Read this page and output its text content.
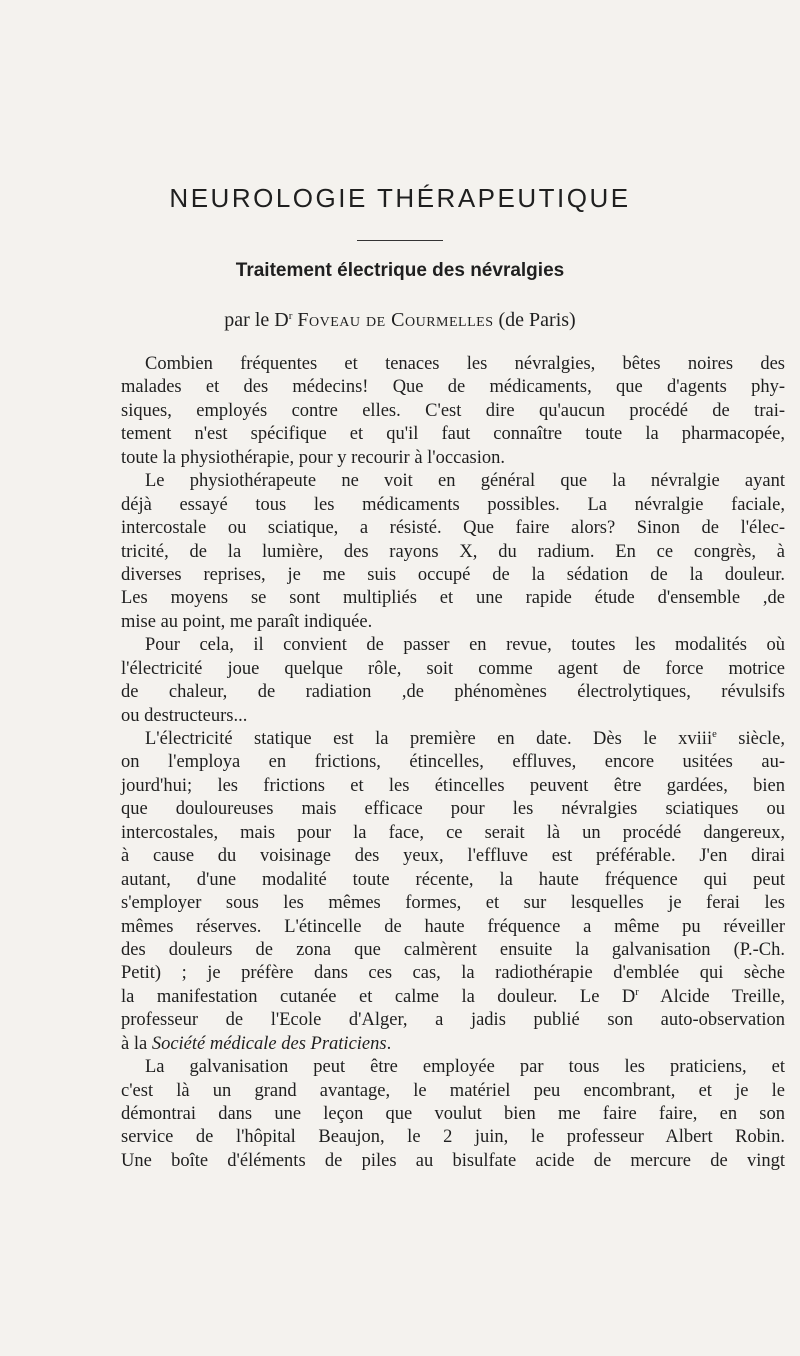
NEUROLOGIE THÉRAPEUTIQUE
Traitement électrique des névralgies

par le $D^r$ Foveau de Courmelles (de Paris)

Combien fréquentes et tenaces les névralgies, bêtes noires des
malades et des médecins! Que de médicaments, que d'agents phy-
siques, employés contre elles. C'est dire qu'aucun procédé de trai-
tement n'est spécifique et qu'il faut connaître toute la pharmacopée,
toute la physiothérapie, pour y recourir à l'occasion.
Le physiothérapeute ne voit en général que la névralgie ayant
déjà essayé tous les médicaments possibles. La névralgie faciale,
intercostale ou sciatique, a résisté. Que faire alors? Sinon de l'élec-
tricité, de la lumière, des rayons X, du radium. En ce congrès, à
diverses reprises, je me suis occupé de la sédation de la douleur.
Les moyens se sont multipliés et une rapide étude d'ensemble ,de
mise au point, me paraît indiquée.
Pour cela, il convient de passer en revue, toutes les modalités où
l'électricité joue quelque rôle, soit comme agent de force motrice
de chaleur, de radiation ,de phénomènes électrolytiques, révulsifs
ou destructeurs...
L'électricité statique est la première en date. Dès le xviii$^e$ siècle,
on l'employa en frictions, étincelles, effluves, encore usitées au-
jourd'hui; les frictions et les étincelles peuvent être gardées, bien
que douloureuses mais efficace pour les névralgies sciatiques ou
intercostales, mais pour la face, ce serait là un procédé dangereux,
à cause du voisinage des yeux, l'effluve est préférable. J'en dirai
autant, d'une modalité toute récente, la haute fréquence qui peut
s'employer sous les mêmes formes, et sur lesquelles je ferai les
mêmes réserves. L'étincelle de haute fréquence a même pu réveiller
des douleurs de zona que calmèrent ensuite la galvanisation (P.-Ch.
Petit) ; je préfère dans ces cas, la radiothérapie d'emblée qui sèche
la manifestation cutanée et calme la douleur. Le $D^r$ Alcide Treille,
professeur de l'Ecole d'Alger, a jadis publié son auto-observation
à la Société médicale des Praticiens.
La galvanisation peut être employée par tous les praticiens, et
c'est là un grand avantage, le matériel peu encombrant, et je le
démontrai dans une leçon que voulut bien me faire faire, en son
service de l'hôpital Beaujon, le 2 juin, le professeur Albert Robin.
Une boîte d'éléments de piles au bisulfate acide de mercure de vingt
